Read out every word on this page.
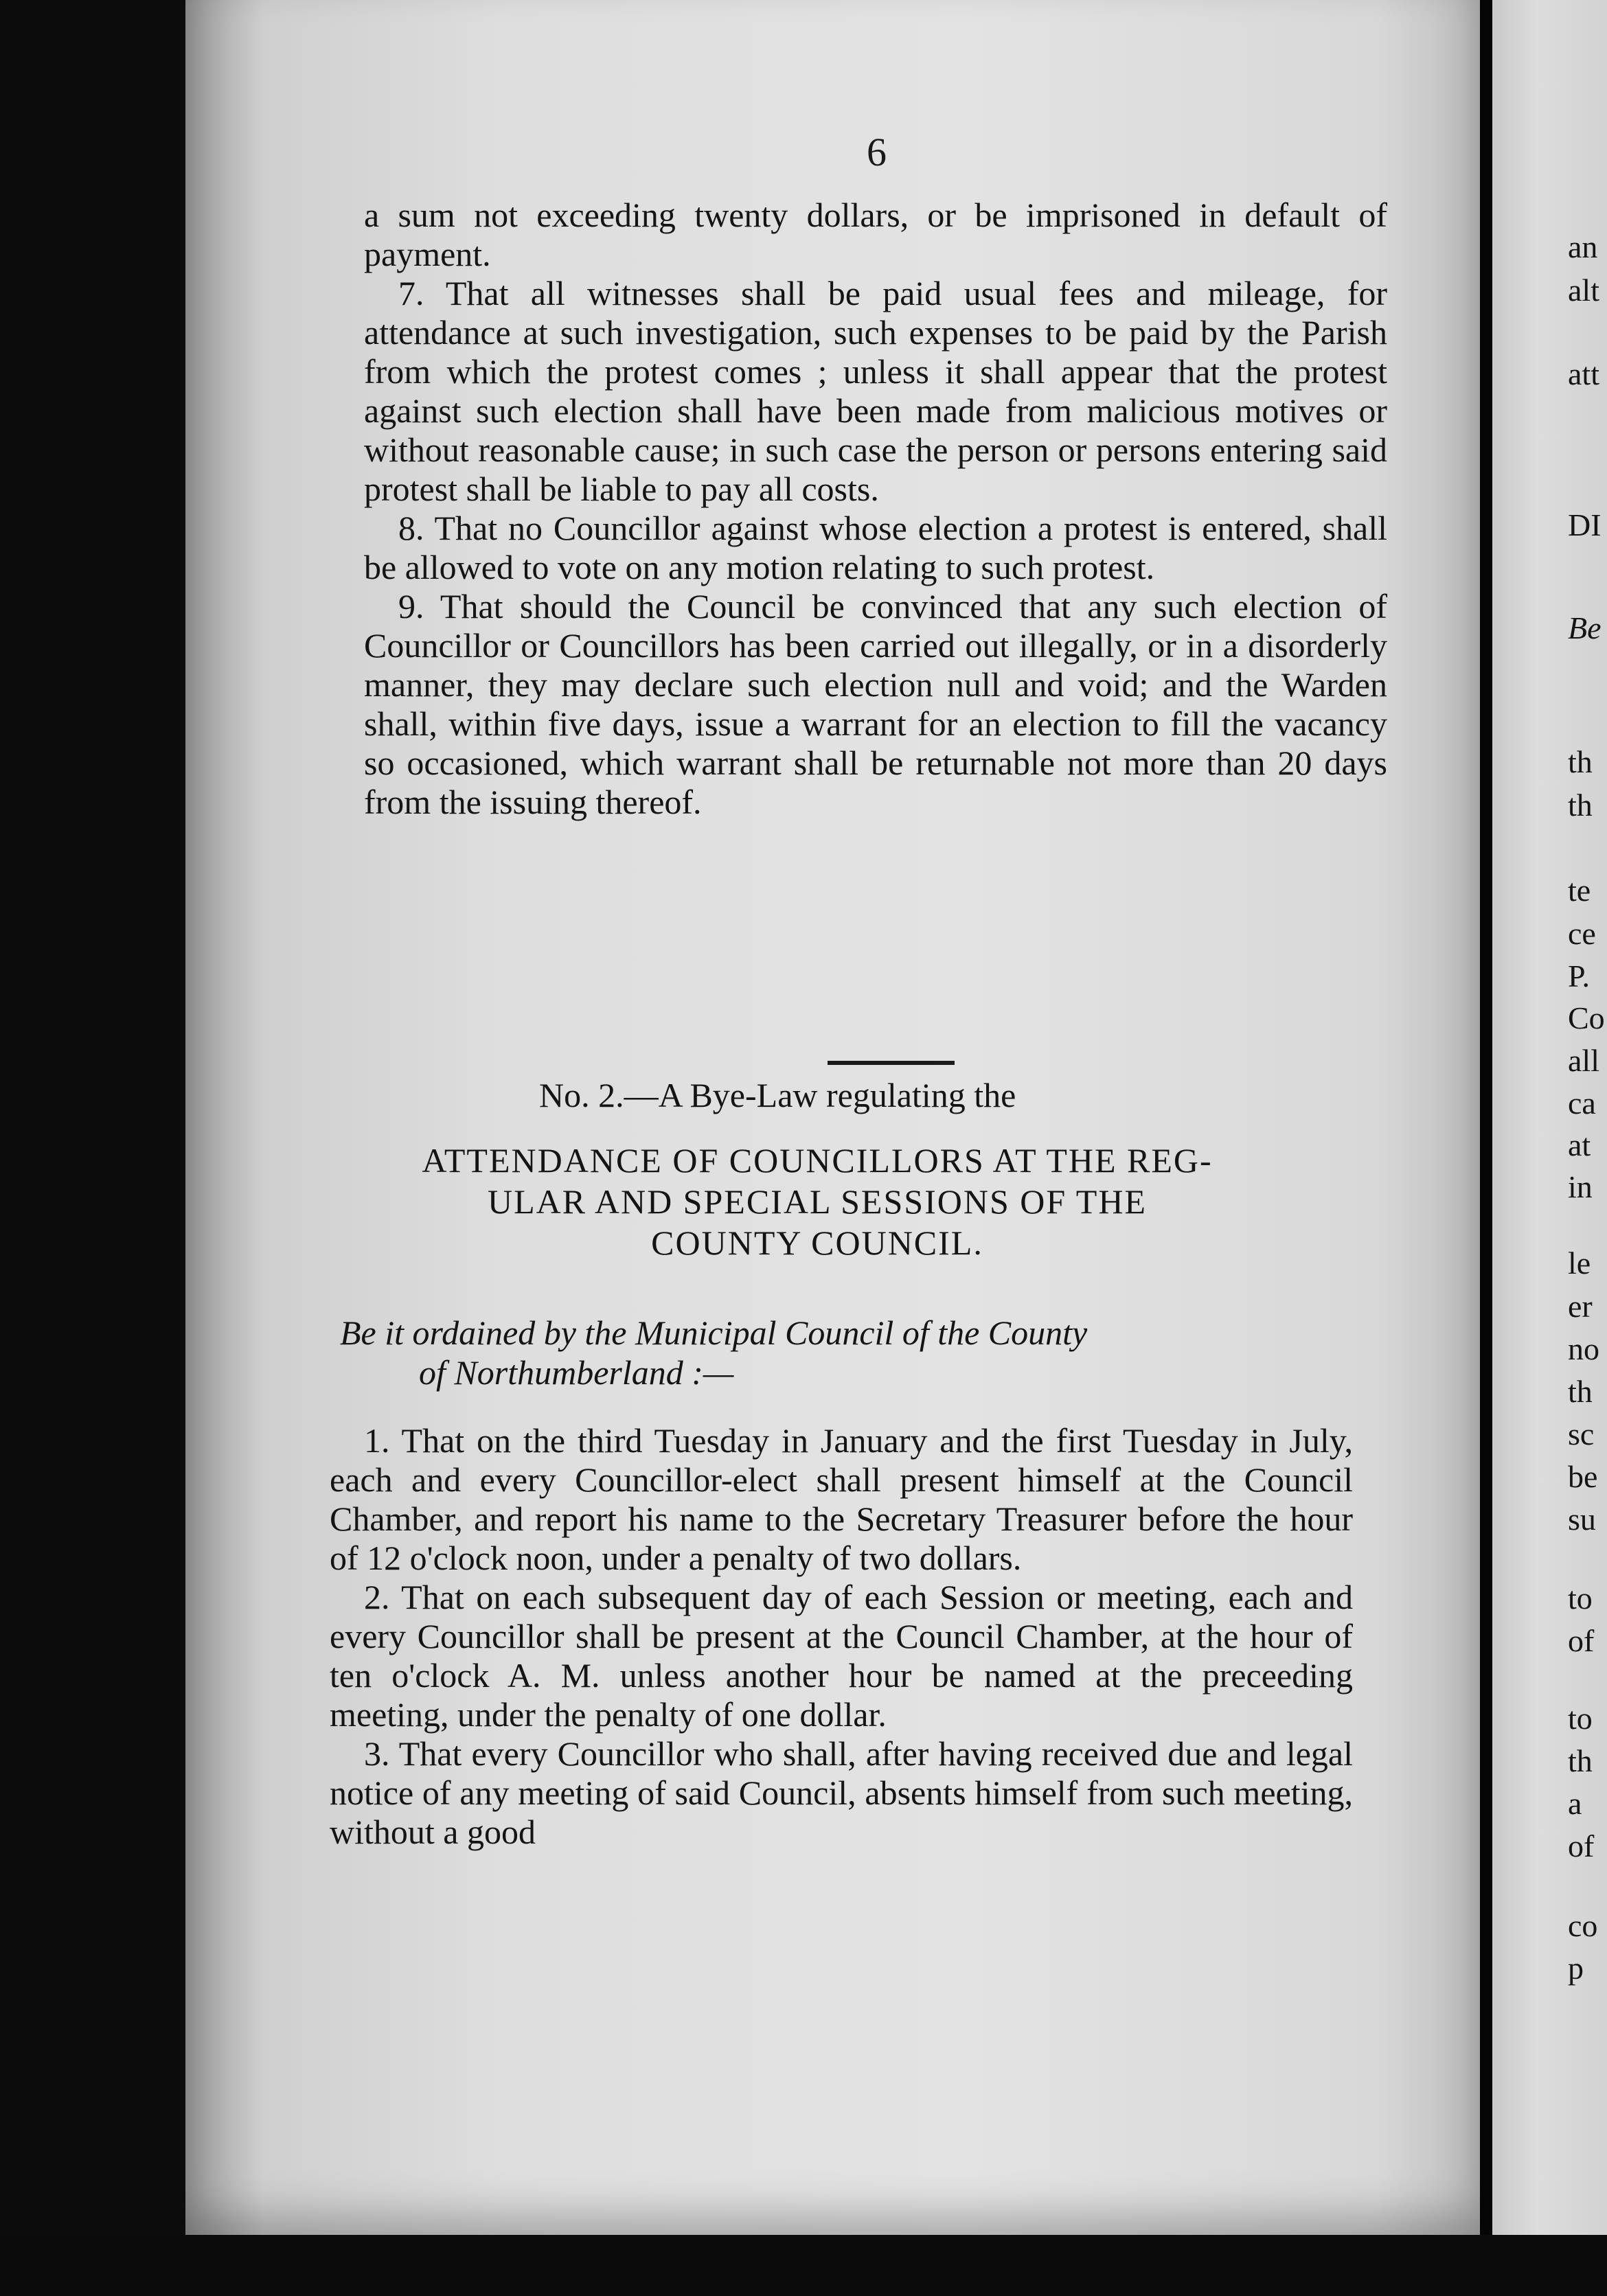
6

a sum not exceeding twenty dollars, or be imprisoned in default of payment.

7. That all witnesses shall be paid usual fees and mileage, for attendance at such investigation, such expenses to be paid by the Parish from which the protest comes ; unless it shall appear that the protest against such election shall have been made from malicious motives or without reasonable cause; in such case the person or persons entering said protest shall be liable to pay all costs.

8. That no Councillor against whose election a protest is entered, shall be allowed to vote on any motion relating to such protest.

9. That should the Council be convinced that any such election of Councillor or Councillors has been carried out illegally, or in a disorderly manner, they may declare such election null and void; and the Warden shall, within five days, issue a warrant for an election to fill the vacancy so occasioned, which warrant shall be returnable not more than 20 days from the issuing thereof.

No. 2.—A Bye-Law regulating the
ATTENDANCE OF COUNCILLORS AT THE REG-
ULAR AND SPECIAL SESSIONS OF THE
COUNTY COUNCIL.
Be it ordained by the Municipal Council of the County
of Northumberland :—

1. That on the third Tuesday in January and the first Tuesday in July, each and every Councillor-elect shall present himself at the Council Chamber, and report his name to the Secretary Treasurer before the hour of 12 o'clock noon, under a penalty of two dollars.

2. That on each subsequent day of each Session or meeting, each and every Councillor shall be present at the Council Chamber, at the hour of ten o'clock A. M. unless another hour be named at the preceeding meeting, under the penalty of one dollar.

3. That every Councillor who shall, after having received due and legal notice of any meeting of said Council, absents himself from such meeting, without a good

an
alt
att
DI
Be
th
th
te
ce
P.
Co
all
ca
at
in
le
er
no
th
sc
be
su
to
of
to
th
a
of
co
p
